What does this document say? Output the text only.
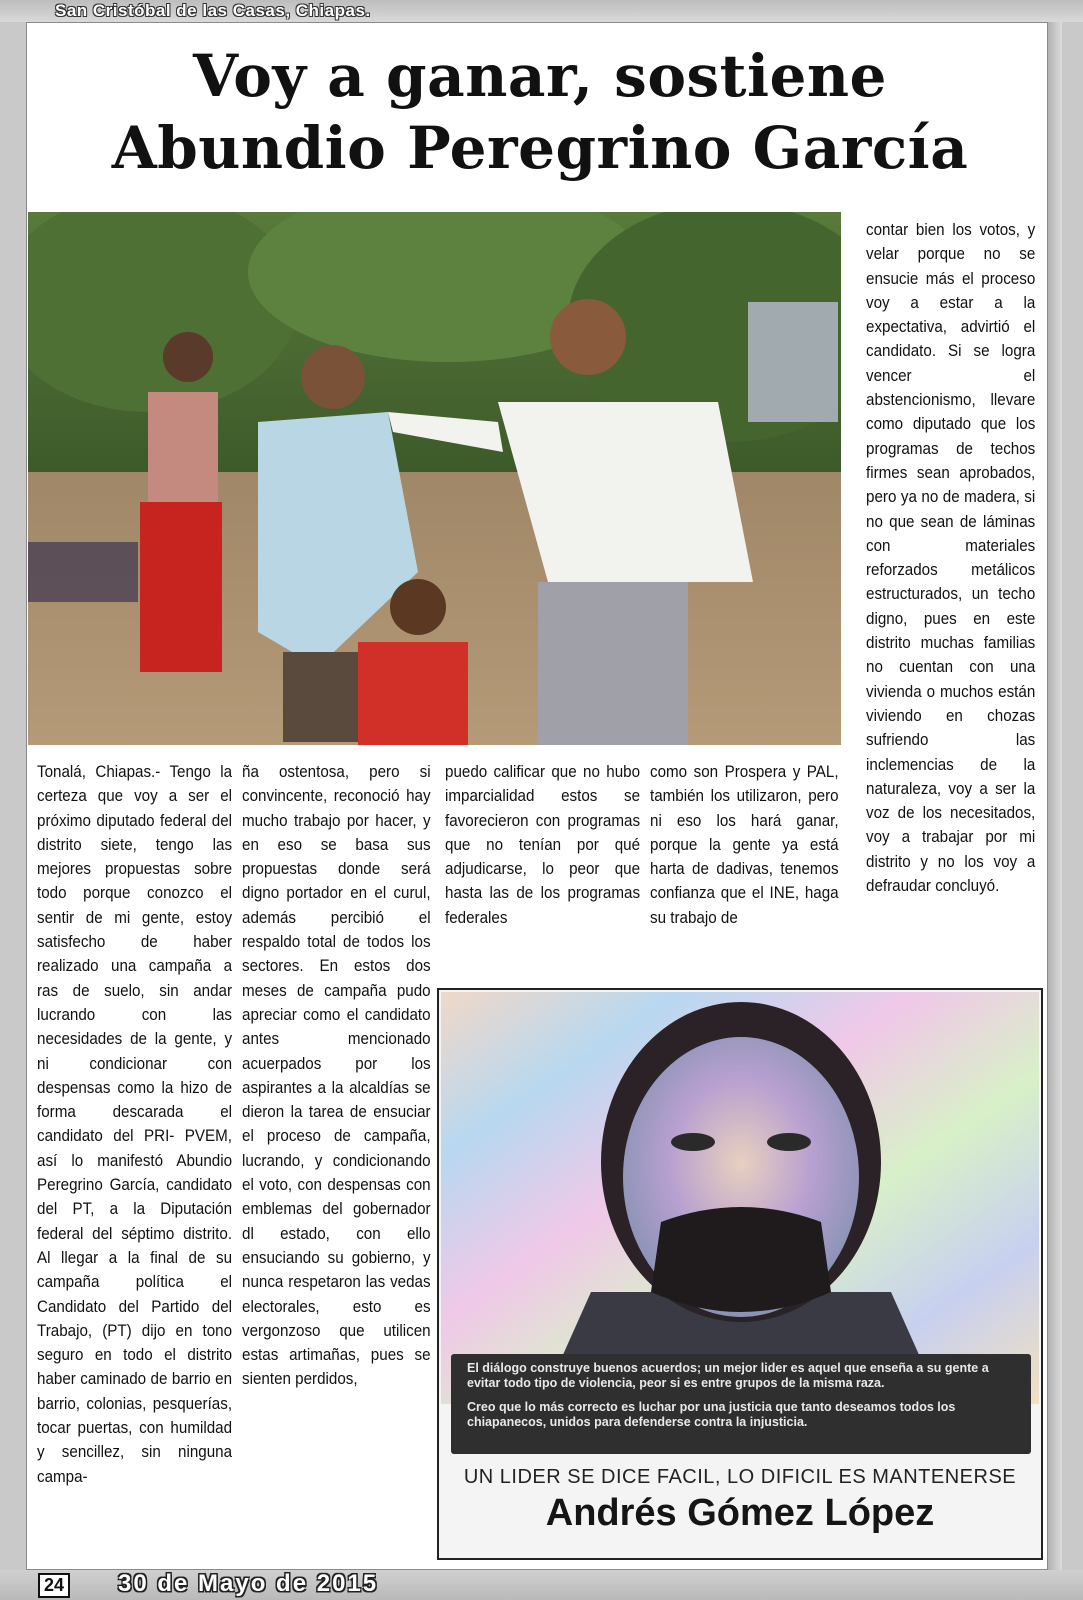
San Cristóbal de las Casas, Chiapas.
Voy a ganar, sostiene
Abundio Peregrino García
Tonalá, Chiapas.- Tengo la certeza que voy a ser el próximo diputado federal del distrito siete, tengo las mejores propuestas sobre todo porque conozco el sentir de mi gente, estoy satisfecho de haber realizado una campaña a ras de suelo, sin andar lucrando con las necesidades de la gente, y ni condicionar con despensas como la hizo de forma descarada el candidato del PRI- PVEM, así lo manifestó Abundio Peregrino García, candidato del PT, a la Diputación federal del séptimo distrito. Al llegar a la final de su campaña política el Candidato del Partido del Trabajo, (PT) dijo en tono seguro en todo el distrito haber caminado de barrio en barrio, colonias, pesquerías, tocar puertas, con humildad y sencillez, sin ninguna campa-
ña ostentosa, pero si convincente, reconoció hay mucho trabajo por hacer, y en eso se basa sus propuestas donde será digno portador en el curul, además percibió el respaldo total de todos los sectores. En estos dos meses de campaña pudo apreciar como el candidato antes mencionado acuerpados por los aspirantes a la alcaldías se dieron la tarea de ensuciar el proceso de campaña, lucrando, y condicionando el voto, con despensas con emblemas del gobernador dl estado, con ello ensuciando su gobierno, y nunca respetaron las vedas electorales, esto es vergonzoso que utilicen estas artimañas, pues se sienten perdidos,
puedo calificar que no hubo imparcialidad estos se favorecieron con programas que no tenían por qué adjudicarse, lo peor que hasta las de los programas federales
como son Prospera y PAL, también los utilizaron, pero ni eso los hará ganar, porque la gente ya está harta de dadivas, tenemos confianza que el INE, haga su trabajo de
contar bien los votos, y velar porque no se ensucie más el proceso voy a estar a la expectativa, advirtió el candidato. Si se logra vencer el abstencionismo, llevare como diputado que los programas de techos firmes sean aprobados, pero ya no de madera, si no que sean de láminas con materiales reforzados metálicos estructurados, un techo digno, pues en este distrito muchas familias no cuentan con una vivienda o muchos están viviendo en chozas sufriendo las inclemencias de la naturaleza, voy a ser la voz de los necesitados, voy a trabajar por mi distrito y no los voy a defraudar concluyó.

El diálogo construye buenos acuerdos; un mejor lider es aquel que enseña a su gente a evitar todo tipo de violencia, peor si es entre grupos de la misma raza.

Creo que lo más correcto es luchar por una justicia que tanto deseamos todos los chiapanecos, unidos para defenderse contra la injusticia.

UN LIDER SE DICE FACIL, LO DIFICIL ES MANTENERSE
Andrés Gómez López
24 30 de Mayo de 2015
